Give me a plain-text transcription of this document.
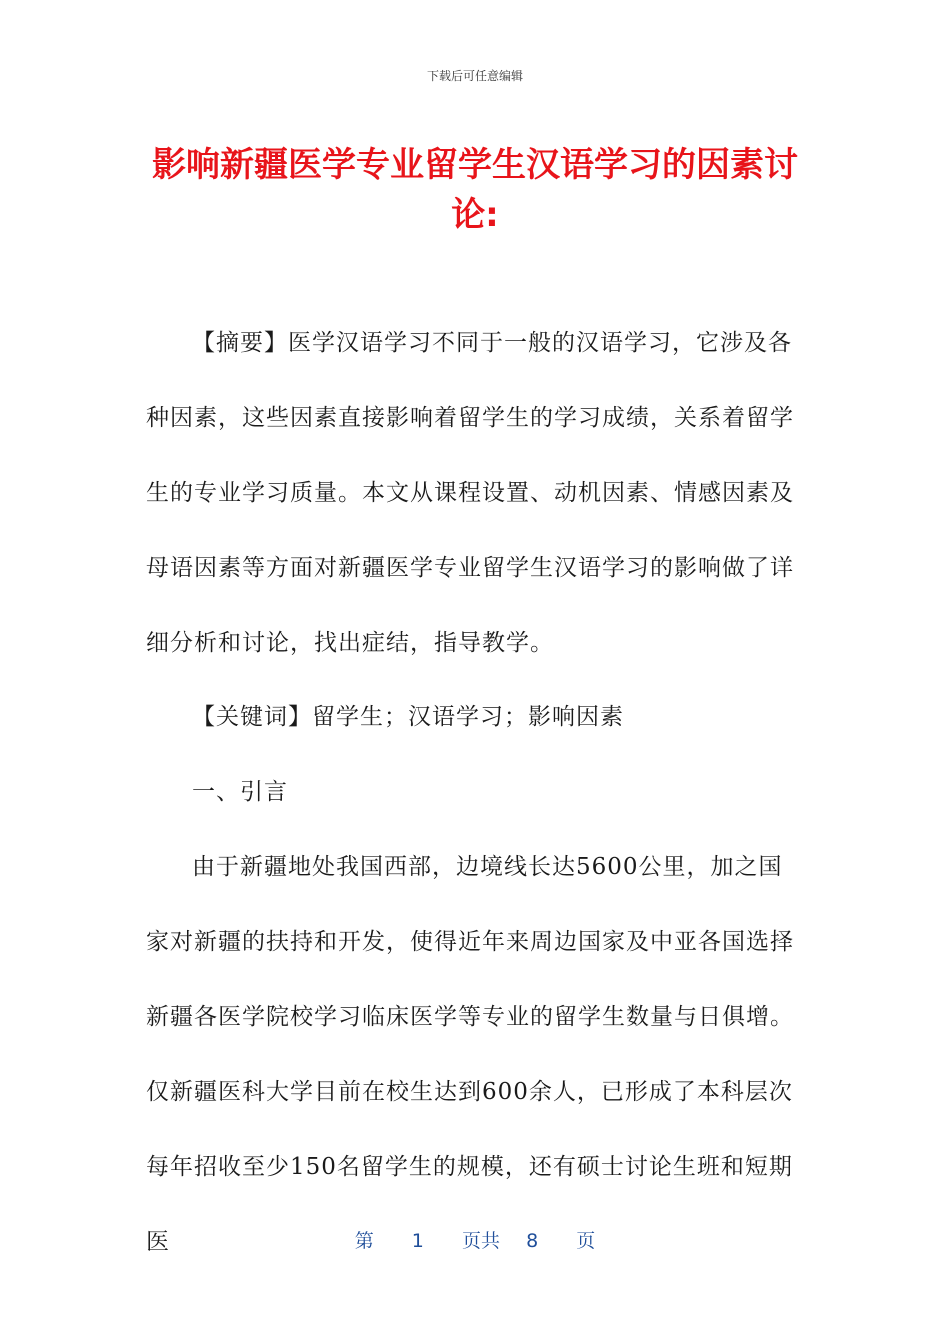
下载后可任意编辑
影响新疆医学专业留学生汉语学习的因素讨论:

【摘要】医学汉语学习不同于一般的汉语学习，它涉及各种因素，这些因素直接影响着留学生的学习成绩，关系着留学生的专业学习质量。本文从课程设置、动机因素、情感因素及母语因素等方面对新疆医学专业留学生汉语学习的影响做了详细分析和讨论，找出症结，指导教学。

【关键词】留学生；汉语学习；影响因素

一、引言

由于新疆地处我国西部，边境线长达5600公里，加之国家对新疆的扶持和开发，使得近年来周边国家及中亚各国选择新疆各医学院校学习临床医学等专业的留学生数量与日俱增。仅新疆医科大学目前在校生达到600余人，已形成了本科层次每年招收至少150名留学生的规模，还有硕士讨论生班和短期医	第 1 页共 8 页
